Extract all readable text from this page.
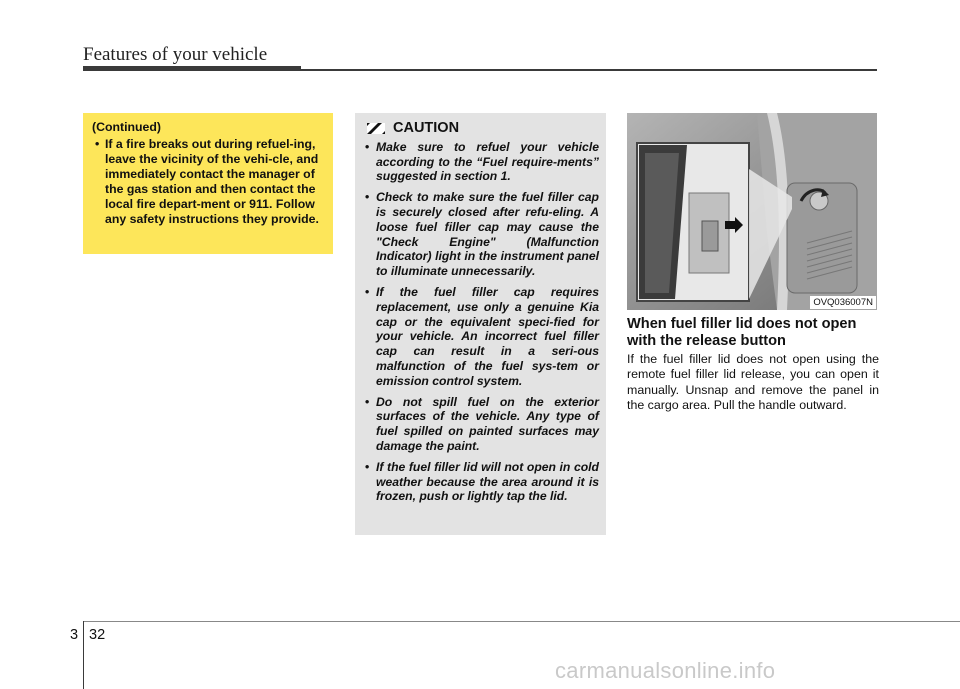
Features of your vehicle

(Continued)

• If a fire breaks out during refuel-ing, leave the vicinity of the vehi-cle, and immediately contact the manager of the gas station and then contact the local fire depart-ment or 911. Follow any safety instructions they provide.

CAUTION

• Make sure to refuel your vehicle according to the “Fuel require-ments” suggested in section 1.

• Check to make sure the fuel filler cap is securely closed after refu-eling. A loose fuel filler cap may cause the "Check Engine" (Malfunction Indicator) light in the instrument panel to illuminate unnecessarily.

• If the fuel filler cap requires replacement, use only a genuine Kia cap or the equivalent speci-fied for your vehicle. An incorrect fuel filler cap can result in a seri-ous malfunction of the fuel sys-tem or emission control system.

• Do not spill fuel on the exterior surfaces of the vehicle. Any type of fuel spilled on painted surfaces may damage the paint.

• If the fuel filler lid will not open in cold weather because the area around it is frozen, push or lightly tap the lid.

OVQ036007N
When fuel filler lid does not open with the release button

If the fuel filler lid does not open using the remote fuel filler lid release, you can open it manually. Unsnap and remove the panel in the cargo area. Pull the handle outward.

3 32
carmanualsonline.info
